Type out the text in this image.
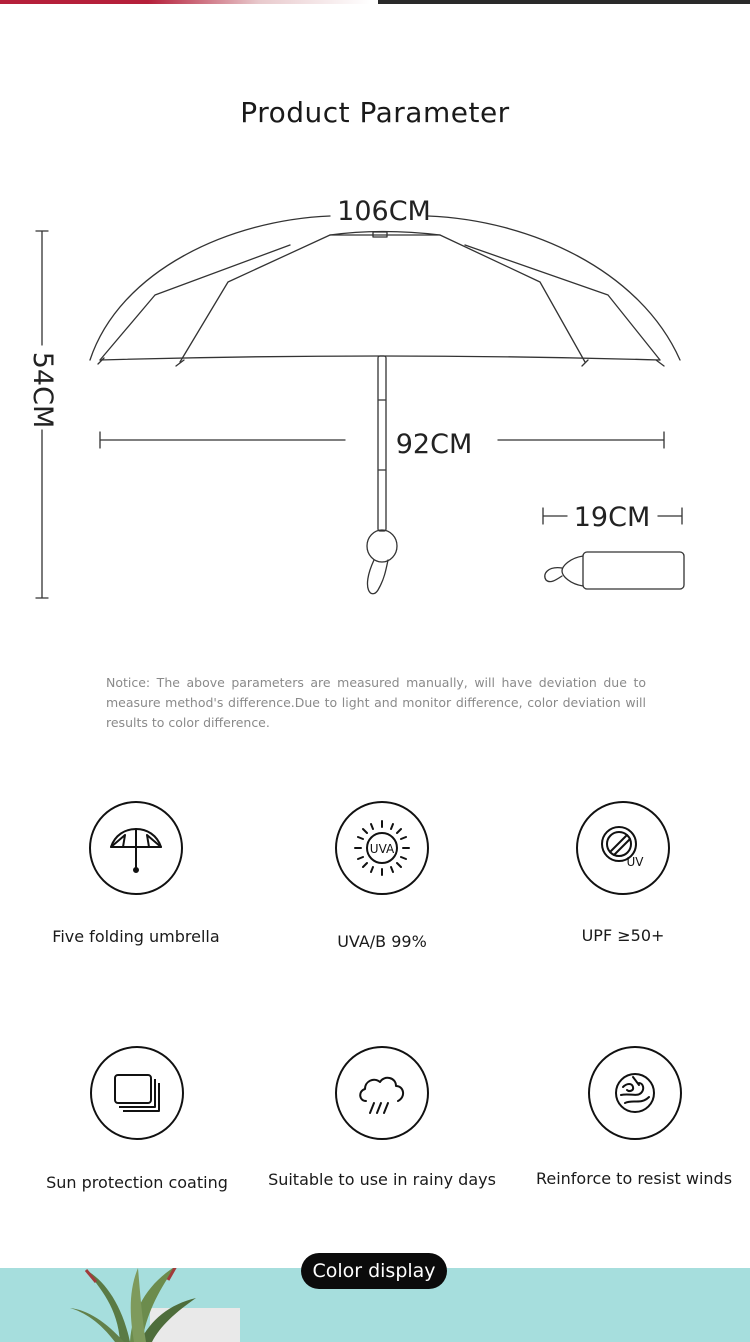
Product Parameter
106CM
54CM
92CM
19CM
Notice: The above parameters are measured manually, will have deviation due to measure method's difference.Due to light and monitor difference, color deviation will results to color difference.
Five folding umbrella
UVA
UVA/B 99%
UV
UPF ≥50+
Sun protection coating	Suitable to use in rainy days	Reinforce to resist winds
Color display
